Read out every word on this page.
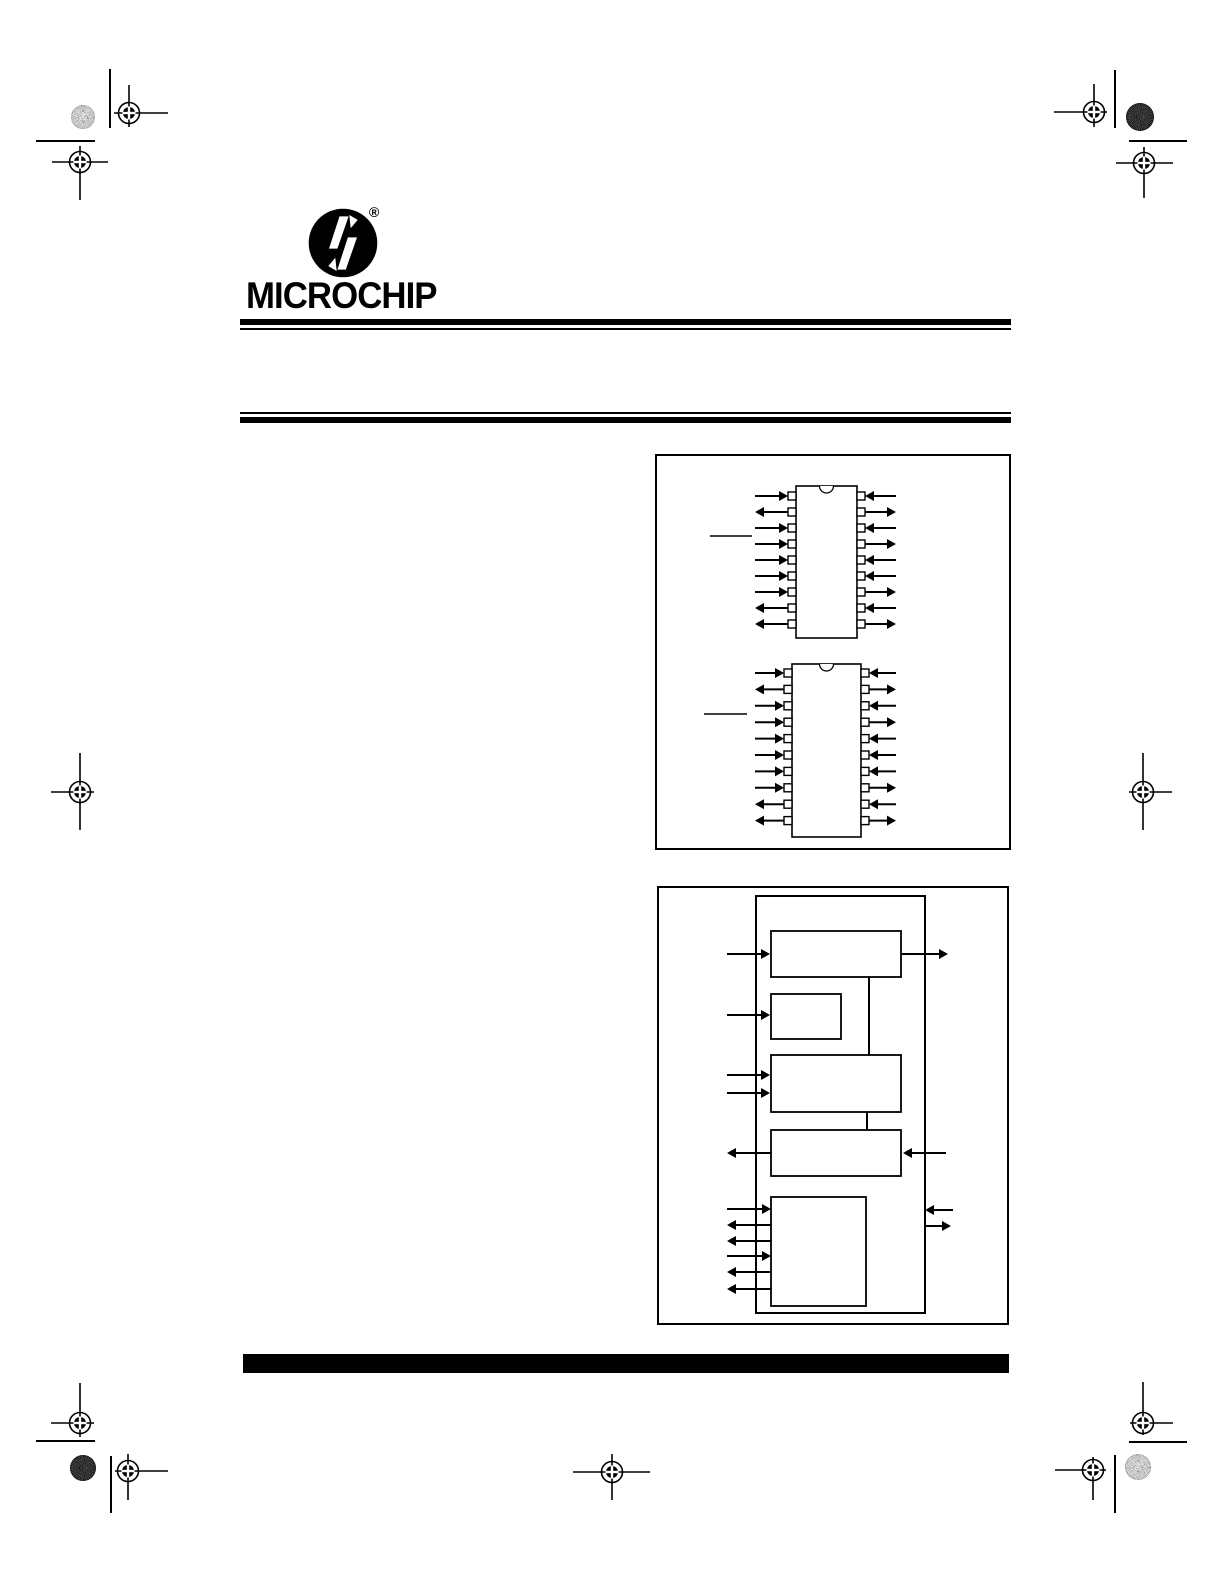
®
MICROCHIP
